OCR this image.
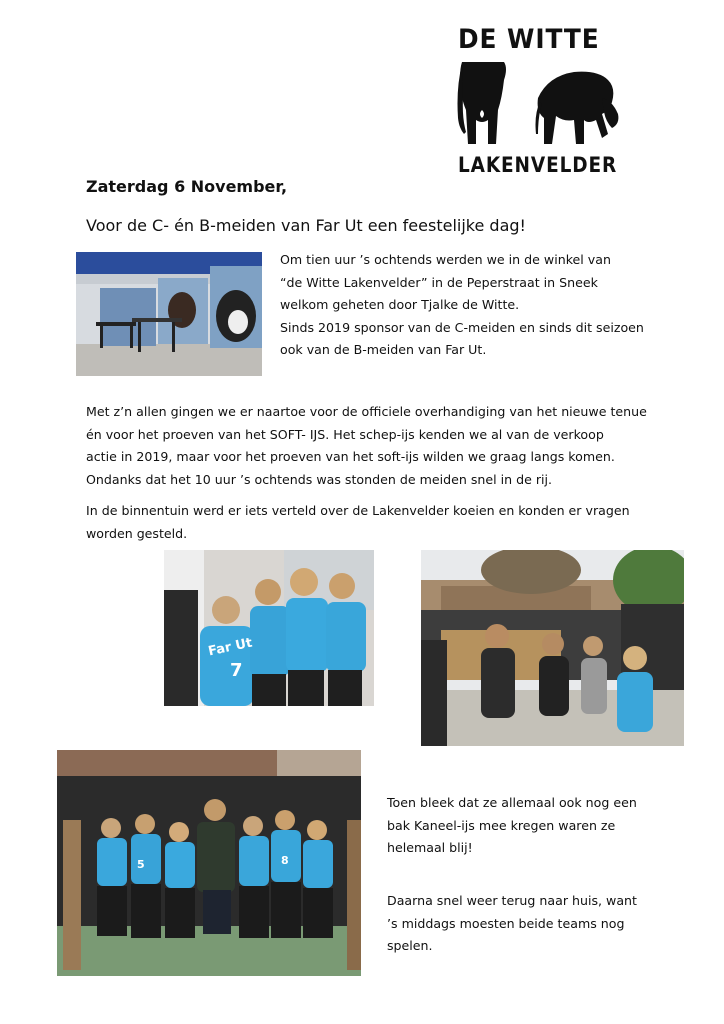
DE WITTE
LAKENVELDER
Zaterdag 6 November,
Voor de C- én B-meiden van Far Ut een feestelijke dag!

Om tien uur ’s ochtends werden we in de winkel van

“de Witte Lakenvelder” in de Peperstraat in Sneek

welkom geheten door Tjalke de Witte.

Sinds 2019 sponsor van de C-meiden en sinds dit seizoen

ook van de B-meiden van Far Ut.

Met z’n allen gingen we er naartoe voor de officiele overhandiging van het nieuwe tenue

én voor het proeven van het SOFT- IJS. Het schep-ijs kenden we al van de verkoop

actie in 2019, maar voor het proeven van het soft-ijs wilden we graag langs komen.

Ondanks dat het 10 uur ’s ochtends was stonden de meiden snel in de rij.

In de binnentuin werd er iets verteld over de Lakenvelder koeien en konden er vragen

worden gesteld.

Far Ut
7
5	8

Toen bleek dat ze allemaal ook nog een

bak Kaneel-ijs mee kregen waren ze

helemaal blij!

Daarna snel weer terug naar huis, want

’s middags moesten beide teams nog

spelen.
